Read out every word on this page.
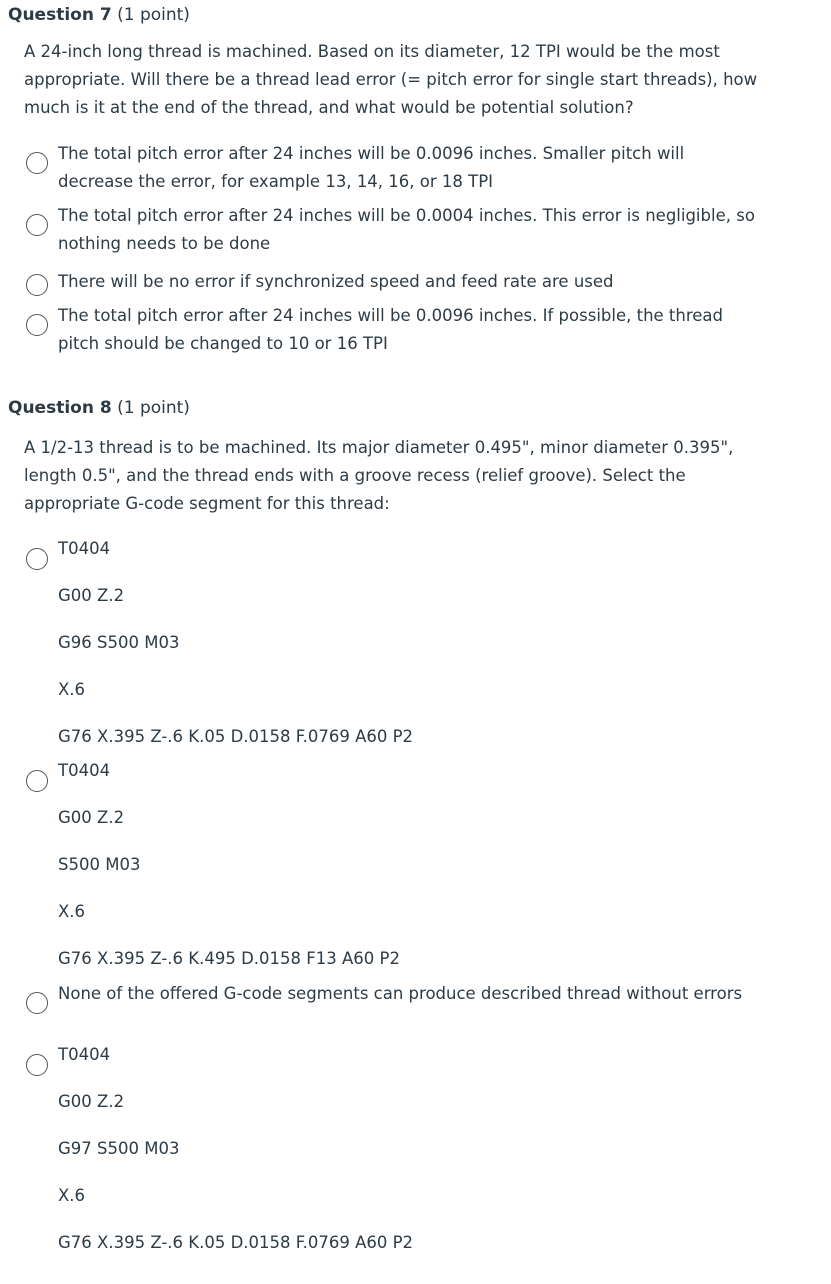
Question 7 (1 point)
A 24-inch long thread is machined. Based on its diameter, 12 TPI would be the most appropriate. Will there be a thread lead error (= pitch error for single start threads), how much is it at the end of the thread, and what would be potential solution?
The total pitch error after 24 inches will be 0.0096 inches. Smaller pitch will decrease the error, for example 13, 14, 16, or 18 TPI
The total pitch error after 24 inches will be 0.0004 inches. This error is negligible, so nothing needs to be done
There will be no error if synchronized speed and feed rate are used
The total pitch error after 24 inches will be 0.0096 inches. If possible, the thread pitch should be changed to 10 or 16 TPI
Question 8 (1 point)
A 1/2-13 thread is to be machined. Its major diameter 0.495", minor diameter 0.395", length 0.5", and the thread ends with a groove recess (relief groove). Select the appropriate G-code segment for this thread:
T0404
G00 Z.2
G96 S500 M03
X.6
G76 X.395 Z-.6 K.05 D.0158 F.0769 A60 P2
T0404
G00 Z.2
S500 M03
X.6
G76 X.395 Z-.6 K.495 D.0158 F13 A60 P2
None of the offered G-code segments can produce described thread without errors
T0404
G00 Z.2
G97 S500 M03
X.6
G76 X.395 Z-.6 K.05 D.0158 F.0769 A60 P2
